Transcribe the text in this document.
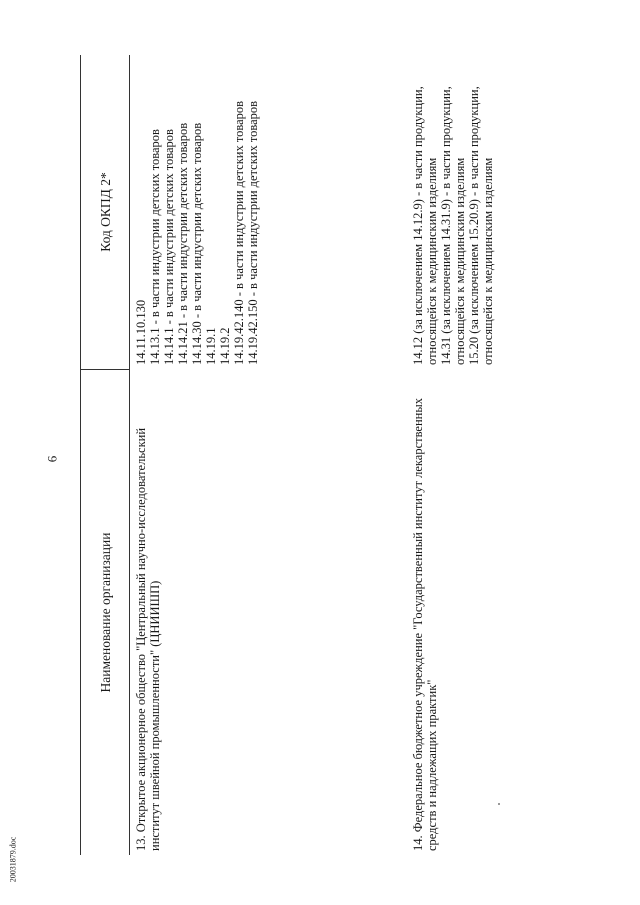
6
20031879.doc
Наименование организации
Код ОКПД 2*
13. Открытое акционерное общество "Центральный научно-исследовательский институт швейной промышленности" (ЦНИИШП)
14.11.10.130 14.13.1 - в части индустрии детских товаров 14.14.1 - в части индустрии детских товаров 14.14.21 - в части индустрии детских товаров 14.14.30 - в части индустрии детских товаров 14.19.1 14.19.2 14.19.42.140 - в части индустрии детских товаров 14.19.42.150 - в части индустрии детских товаров
14. Федеральное бюджетное учреждение "Государственный институт лекарственных средств и надлежащих практик"
14.12 (за исключением 14.12.9) - в части продукции, относящейся к медицинским изделиям 14.31 (за исключением 14.31.9) - в части продукции, относящейся к медицинским изделиям 15.20 (за исключением 15.20.9) - в части продукции, относящейся к медицинским изделиям
